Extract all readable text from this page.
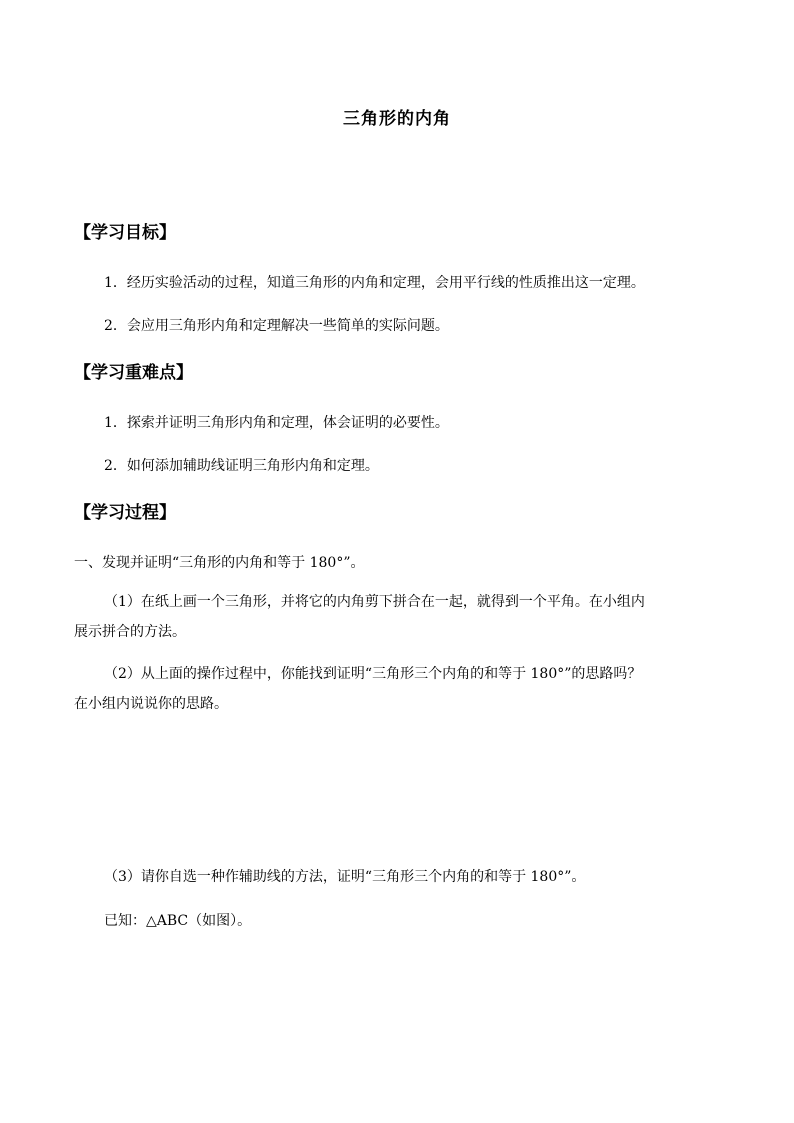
三角形的内角
【学习目标】
1．经历实验活动的过程，知道三角形的内角和定理，会用平行线的性质推出这一定理。
2．会应用三角形内角和定理解决一些简单的实际问题。
【学习重难点】
1．探索并证明三角形内角和定理，体会证明的必要性。
2．如何添加辅助线证明三角形内角和定理。
【学习过程】
一、发现并证明“三角形的内角和等于 180°”。
（1）在纸上画一个三角形，并将它的内角剪下拼合在一起，就得到一个平角。在小组内
展示拼合的方法。
（2）从上面的操作过程中，你能找到证明“三角形三个内角的和等于 180°”的思路吗？
在小组内说说你的思路。
（3）请你自选一种作辅助线的方法，证明“三角形三个内角的和等于 180°”。
已知：△ABC（如图）。
